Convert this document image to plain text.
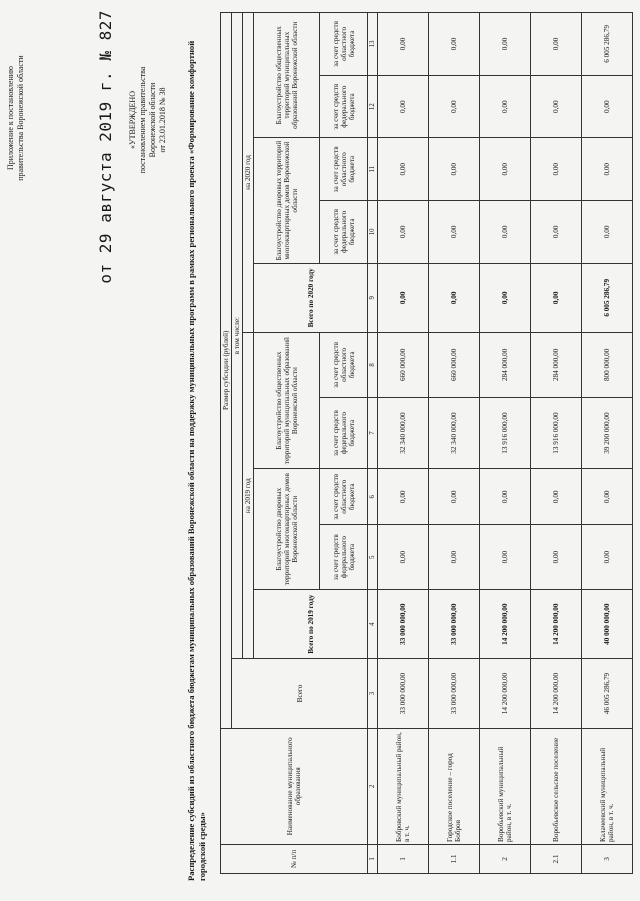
Приложение к постановлению правительства Воронежской области	от 29 августа 2019 г. № 827 «УТВЕРЖДЕНО постановлением правительства Воронежской области от 23.01.2018 № 38 Распределение субсидий из областного бюджета бюджетам муниципальных образований Воронежской области на поддержку муниципальных программ в рамках регионального проекта «Формирование комфортной городской среды»	№ п/п	Наименование муниципального образования	Размер субсидии (рублей)										
		Всего	в том числе:									
			на 2019 год					на 2020 год				
			Всего по 2019 году	Благоустройство дворовых территорий многоквартирных домов Воронежской области		Благоустройство общественных территорий муниципальных образований Воронежской области		Всего по 2020 году	Благоустройство дворовых территорий многоквартирных домов Воронежской области		Благоустройство общественных территорий муниципальных образований Воронежской области	
				за счет средств федерального бюджета	за счет средств областного бюджета	за счет средств федерального бюджета	за счет средств областного бюджета		за счет средств федерального бюджета	за счет средств областного бюджета	за счет средств федерального бюджета	за счет средств областного бюджета
1	2	3	4	5	6	7	8	9	10	11	12	13
1	Бобровский муниципальный район, в т. ч.	33 000 000,00	33 000 000,00	0,00	0,00	32 340 000,00	660 000,00	0,00	0,00	0,00	0,00	0,00
1.1	Городское поселение – город Бобров	33 000 000,00	33 000 000,00	0,00	0,00	32 340 000,00	660 000,00	0,00	0,00	0,00	0,00	0,00
2	Воробьевский муниципальный район, в т. ч.	14 200 000,00	14 200 000,00	0,00	0,00	13 916 000,00	284 000,00	0,00	0,00	0,00	0,00	0,00
2.1	Воробьевское сельское поселение	14 200 000,00	14 200 000,00	0,00	0,00	13 916 000,00	284 000,00	0,00	0,00	0,00	0,00	0,00
3	Калачеевский муниципальный район, в т. ч.	46 005 286,79	40 000 000,00	0,00	0,00	39 200 000,00	800 000,00	6 005 286,79	0,00	0,00	0,00	6 005 286,79
